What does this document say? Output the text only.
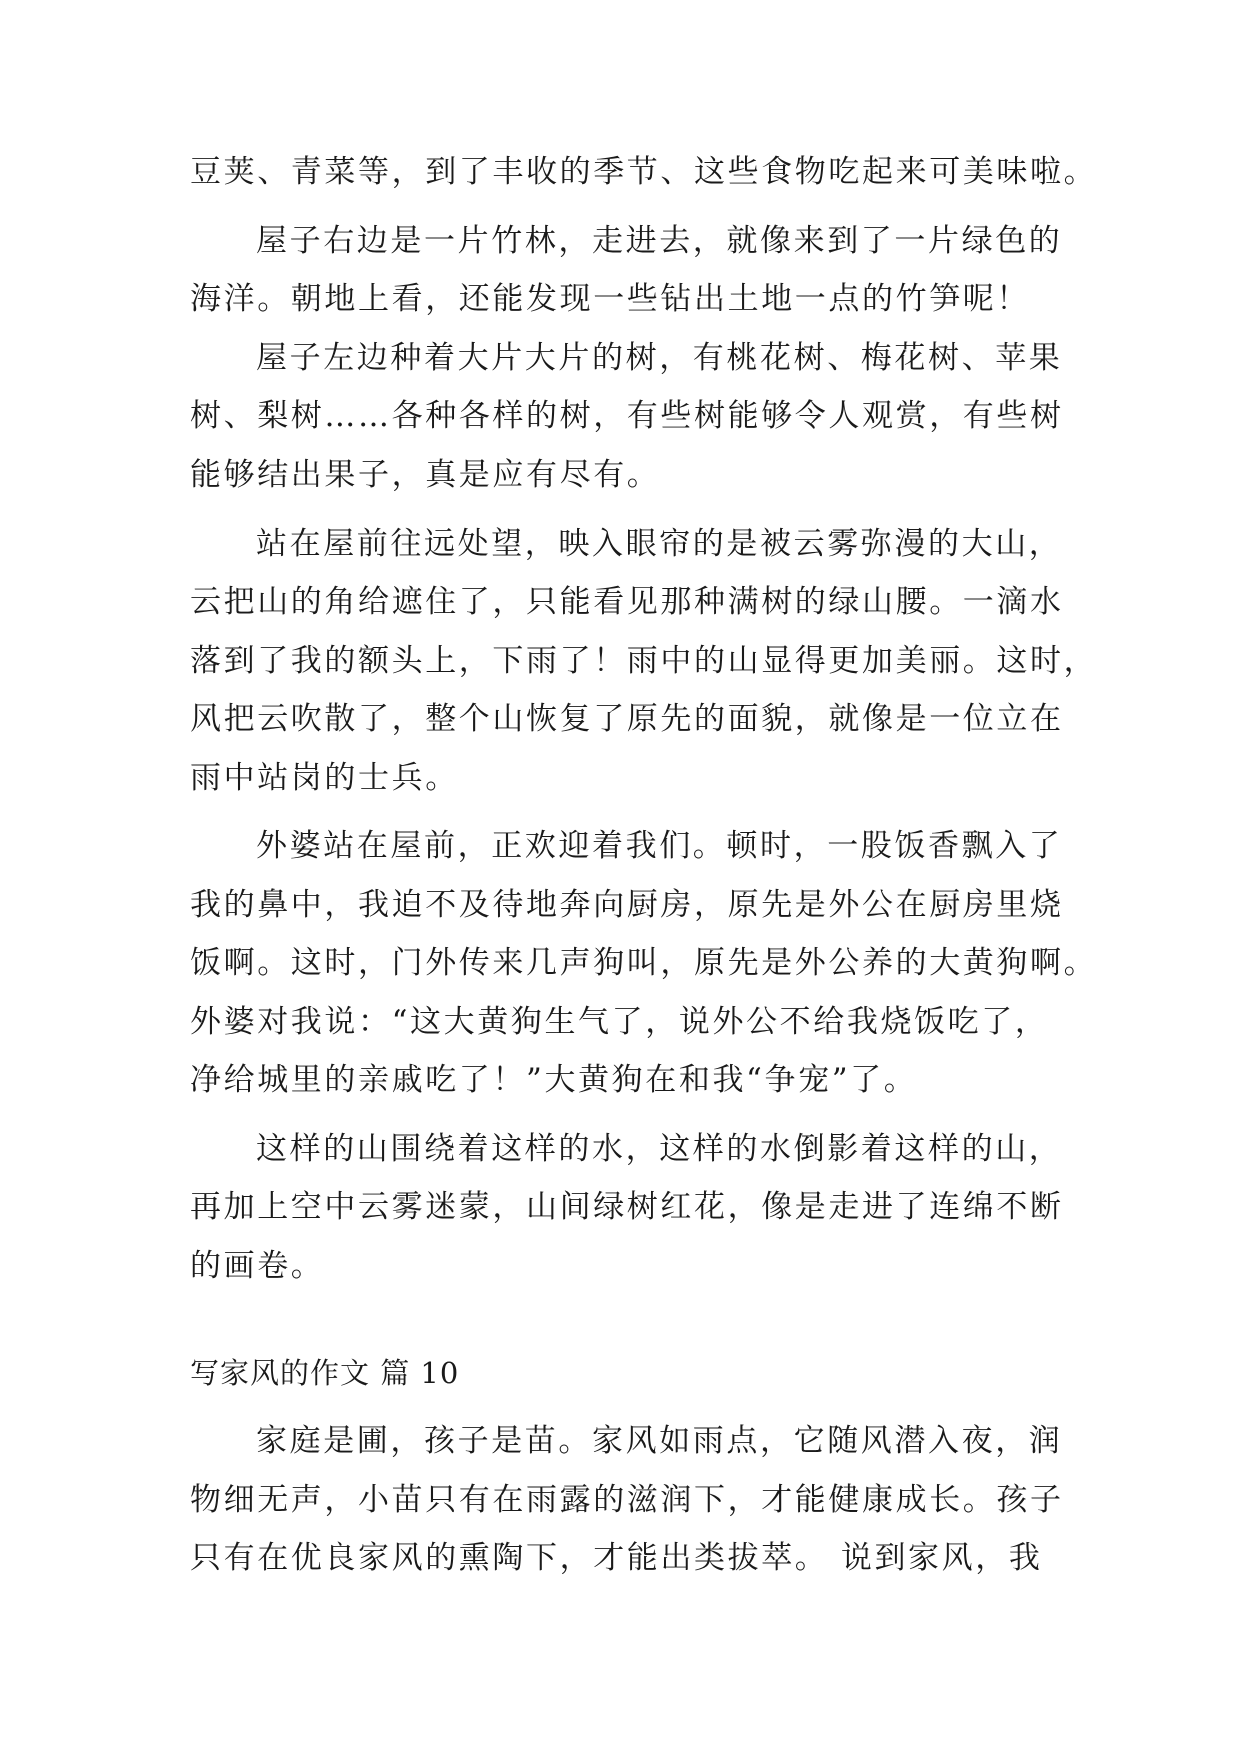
豆荚、青菜等，到了丰收的季节、这些食物吃起来可美味啦。
屋子右边是一片竹林，走进去，就像来到了一片绿色的
海洋。朝地上看，还能发现一些钻出土地一点的竹笋呢！
屋子左边种着大片大片的树，有桃花树、梅花树、苹果
树、梨树……各种各样的树，有些树能够令人观赏，有些树
能够结出果子，真是应有尽有。
站在屋前往远处望，映入眼帘的是被云雾弥漫的大山，
云把山的角给遮住了，只能看见那种满树的绿山腰。一滴水
落到了我的额头上，下雨了！雨中的山显得更加美丽。这时，
风把云吹散了，整个山恢复了原先的面貌，就像是一位立在
雨中站岗的士兵。
外婆站在屋前，正欢迎着我们。顿时，一股饭香飘入了
我的鼻中，我迫不及待地奔向厨房，原先是外公在厨房里烧
饭啊。这时，门外传来几声狗叫，原先是外公养的大黄狗啊。
外婆对我说：“这大黄狗生气了，说外公不给我烧饭吃了，
净给城里的亲戚吃了！”大黄狗在和我“争宠”了。
这样的山围绕着这样的水，这样的水倒影着这样的山，
再加上空中云雾迷蒙，山间绿树红花，像是走进了连绵不断
的画卷。
写家风的作文 篇 10
家庭是圃，孩子是苗。家风如雨点，它随风潜入夜，润
物细无声，小苗只有在雨露的滋润下，才能健康成长。孩子
只有在优良家风的熏陶下，才能出类拔萃。 说到家风，我
